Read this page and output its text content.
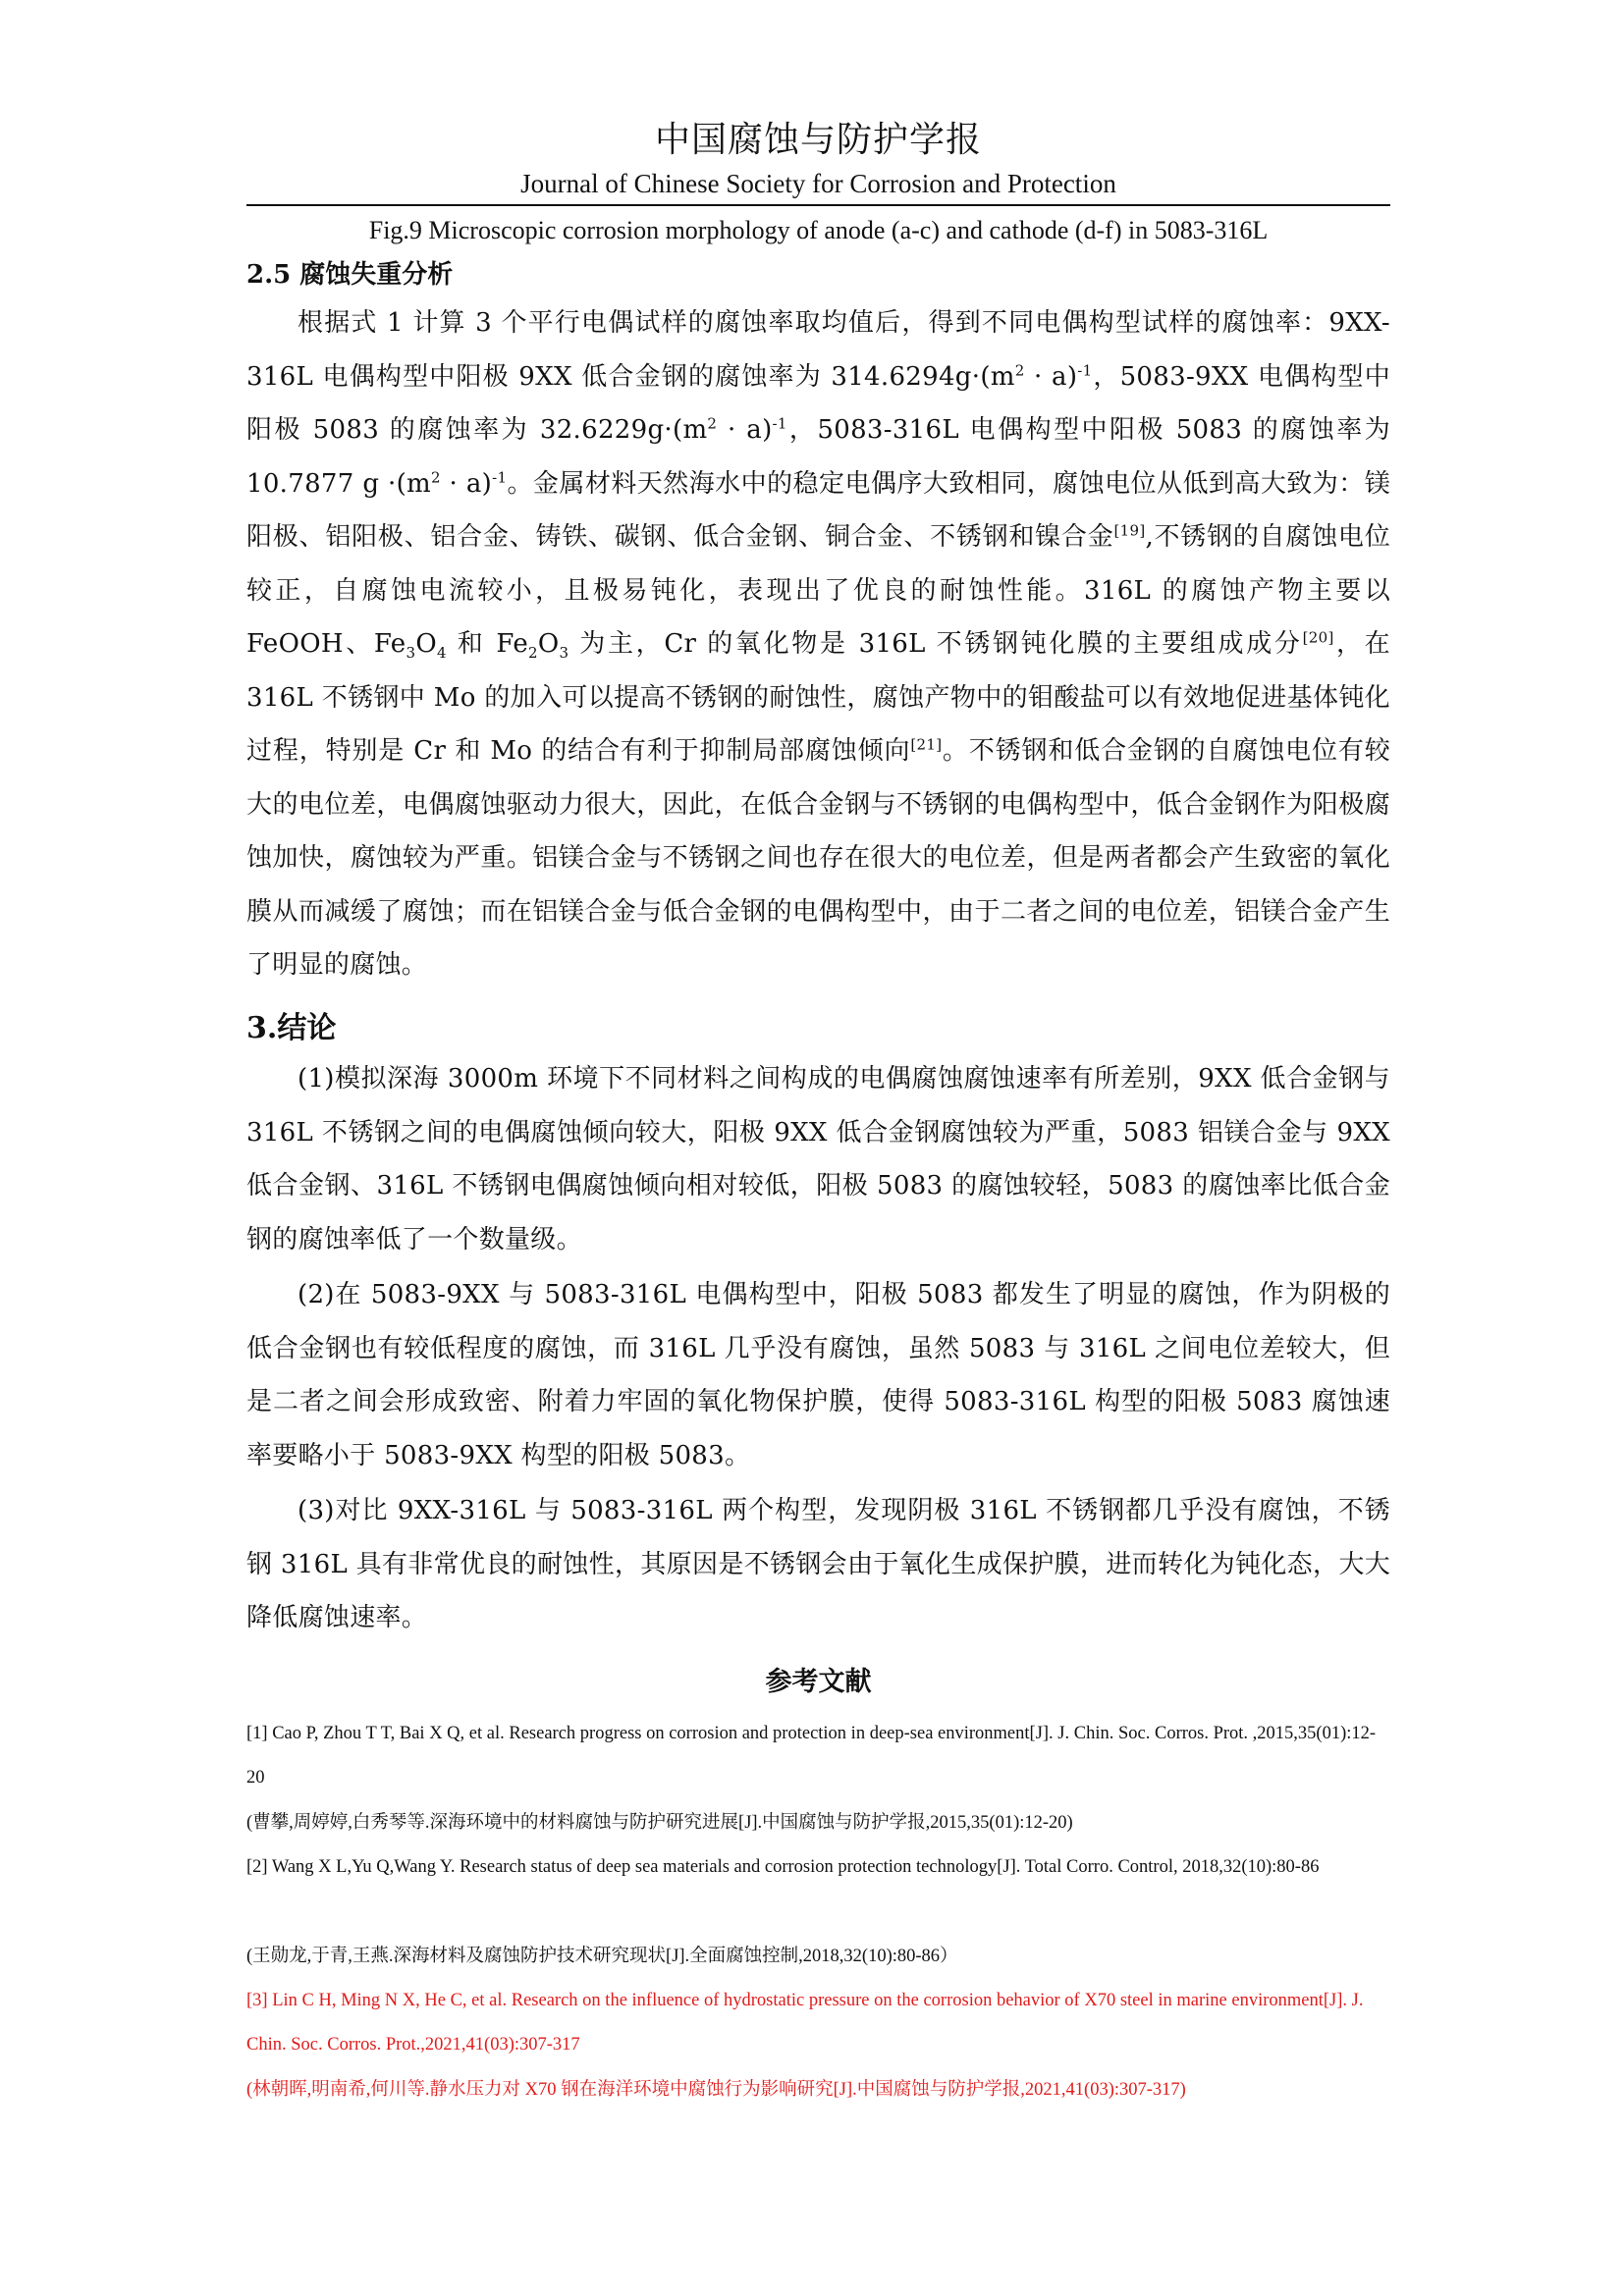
中国腐蚀与防护学报
Journal of Chinese Society for Corrosion and Protection
Fig.9 Microscopic corrosion morphology of anode (a-c) and cathode (d-f) in 5083-316L
2.5 腐蚀失重分析
根据式 1 计算 3 个平行电偶试样的腐蚀率取均值后，得到不同电偶构型试样的腐蚀率：9XX-316L 电偶构型中阳极 9XX 低合金钢的腐蚀率为 $314.6294g\cdot(m^2 \cdot a)^{-1}$，5083-9XX 电偶构型中阳极 5083 的腐蚀率为 $32.6229g\cdot(m^2 \cdot a)^{-1}$，5083-316L 电偶构型中阳极 5083 的腐蚀率为 10.7877 $g \cdot(m^2 \cdot a)^{-1}$。金属材料天然海水中的稳定电偶序大致相同，腐蚀电位从低到高大致为：镁阳极、铝阳极、铝合金、铸铁、碳钢、低合金钢、铜合金、不锈钢和镍合金[19],不锈钢的自腐蚀电位较正，自腐蚀电流较小，且极易钝化，表现出了优良的耐蚀性能。316L 的腐蚀产物主要以 FeOOH、$Fe_3O_4$ 和 $Fe_2O_3$ 为主，Cr 的氧化物是 316L 不锈钢钝化膜的主要组成成分[20]，在 316L 不锈钢中 Mo 的加入可以提高不锈钢的耐蚀性，腐蚀产物中的钼酸盐可以有效地促进基体钝化过程，特别是 Cr 和 Mo 的结合有利于抑制局部腐蚀倾向[21]。不锈钢和低合金钢的自腐蚀电位有较大的电位差，电偶腐蚀驱动力很大，因此，在低合金钢与不锈钢的电偶构型中，低合金钢作为阳极腐蚀加快，腐蚀较为严重。铝镁合金与不锈钢之间也存在很大的电位差，但是两者都会产生致密的氧化膜从而减缓了腐蚀；而在铝镁合金与低合金钢的电偶构型中，由于二者之间的电位差，铝镁合金产生了明显的腐蚀。
3.结论
(1)模拟深海 3000m 环境下不同材料之间构成的电偶腐蚀腐蚀速率有所差别，9XX 低合金钢与 316L 不锈钢之间的电偶腐蚀倾向较大，阳极 9XX 低合金钢腐蚀较为严重，5083 铝镁合金与 9XX 低合金钢、316L 不锈钢电偶腐蚀倾向相对较低，阳极 5083 的腐蚀较轻，5083 的腐蚀率比低合金钢的腐蚀率低了一个数量级。
(2)在 5083-9XX 与 5083-316L 电偶构型中，阳极 5083 都发生了明显的腐蚀，作为阴极的低合金钢也有较低程度的腐蚀，而 316L 几乎没有腐蚀，虽然 5083 与 316L 之间电位差较大，但是二者之间会形成致密、附着力牢固的氧化物保护膜，使得 5083-316L 构型的阳极 5083 腐蚀速率要略小于 5083-9XX 构型的阳极 5083。
(3)对比 9XX-316L 与 5083-316L 两个构型，发现阴极 316L 不锈钢都几乎没有腐蚀，不锈钢 316L 具有非常优良的耐蚀性，其原因是不锈钢会由于氧化生成保护膜，进而转化为钝化态，大大降低腐蚀速率。
参考文献
[1] Cao P, Zhou T T, Bai X Q, et al. Research progress on corrosion and protection in deep-sea environment[J]. J. Chin. Soc. Corros. Prot. ,2015,35(01):12-20
(曹攀,周婷婷,白秀琴等.深海环境中的材料腐蚀与防护研究进展[J].中国腐蚀与防护学报,2015,35(01):12-20)
[2] Wang X L,Yu Q,Wang Y. Research status of deep sea materials and corrosion protection technology[J]. Total Corro. Control, 2018,32(10):80-86
(王勋龙,于青,王燕.深海材料及腐蚀防护技术研究现状[J].全面腐蚀控制,2018,32(10):80-86）
[3] Lin C H, Ming N X, He C, et al. Research on the influence of hydrostatic pressure on the corrosion behavior of X70 steel in marine environment[J]. J. Chin. Soc. Corros. Prot.,2021,41(03):307-317
(林朝晖,明南希,何川等.静水压力对 X70 钢在海洋环境中腐蚀行为影响研究[J].中国腐蚀与防护学报,2021,41(03):307-317)
